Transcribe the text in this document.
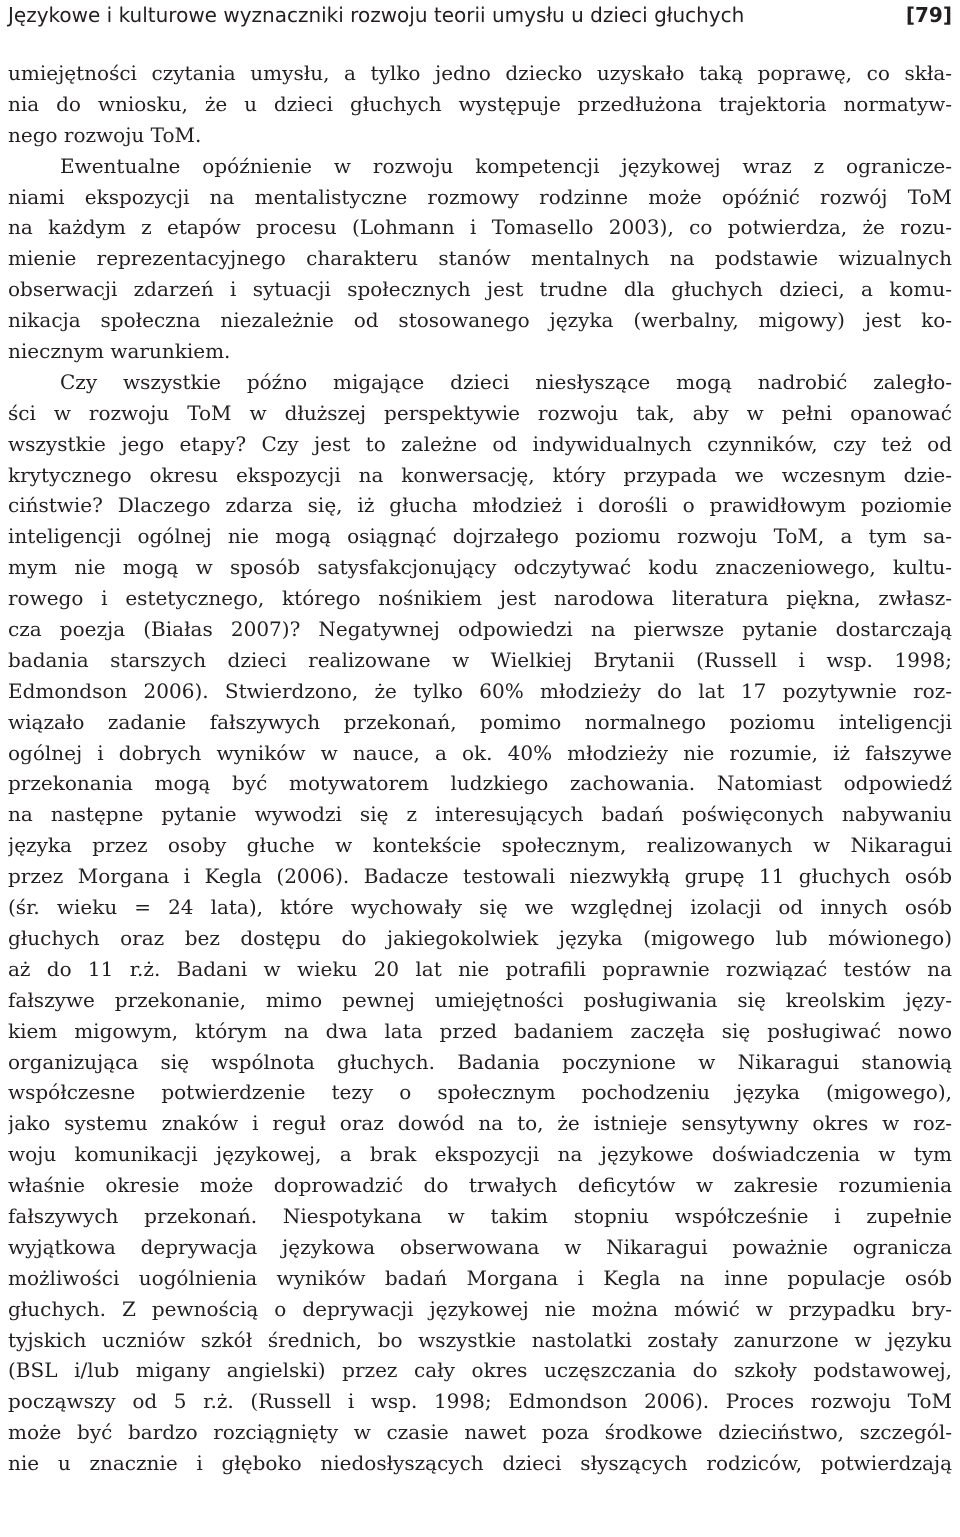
Językowe i kulturowe wyznaczniki rozwoju teorii umysłu u dzieci głuchych	[79]
umiejętności czytania umysłu, a tylko jedno dziecko uzyskało taką poprawę, co skła-
nia do wniosku, że u dzieci głuchych występuje przedłużona trajektoria normatyw-
nego rozwoju ToM.
Ewentualne opóźnienie w rozwoju kompetencji językowej wraz z ogranicze-
niami ekspozycji na mentalistyczne rozmowy rodzinne może opóźnić rozwój ToM
na każdym z etapów procesu (Lohmann i Tomasello 2003), co potwierdza, że rozu-
mienie reprezentacyjnego charakteru stanów mentalnych na podstawie wizualnych
obserwacji zdarzeń i sytuacji społecznych jest trudne dla głuchych dzieci, a komu-
nikacja społeczna niezależnie od stosowanego języka (werbalny, migowy) jest ko-
niecznym warunkiem.
Czy wszystkie późno migające dzieci niesłyszące mogą nadrobić zaległo-
ści w rozwoju ToM w dłuższej perspektywie rozwoju tak, aby w pełni opanować
wszystkie jego etapy? Czy jest to zależne od indywidualnych czynników, czy też od
krytycznego okresu ekspozycji na konwersację, który przypada we wczesnym dzie-
ciństwie? Dlaczego zdarza się, iż głucha młodzież i dorośli o prawidłowym poziomie
inteligencji ogólnej nie mogą osiągnąć dojrzałego poziomu rozwoju ToM, a tym sa-
mym nie mogą w sposób satysfakcjonujący odczytywać kodu znaczeniowego, kultu-
rowego i estetycznego, którego nośnikiem jest narodowa literatura piękna, zwłasz-
cza poezja (Białas 2007)? Negatywnej odpowiedzi na pierwsze pytanie dostarczają
badania starszych dzieci realizowane w Wielkiej Brytanii (Russell i wsp. 1998;
Edmondson 2006). Stwierdzono, że tylko 60% młodzieży do lat 17 pozytywnie roz-
wiązało zadanie fałszywych przekonań, pomimo normalnego poziomu inteligencji
ogólnej i dobrych wyników w nauce, a ok. 40% młodzieży nie rozumie, iż fałszywe
przekonania mogą być motywatorem ludzkiego zachowania. Natomiast odpowiedź
na następne pytanie wywodzi się z interesujących badań poświęconych nabywaniu
języka przez osoby głuche w kontekście społecznym, realizowanych w Nikaragui
przez Morgana i Kegla (2006). Badacze testowali niezwykłą grupę 11 głuchych osób
(śr. wieku = 24 lata), które wychowały się we względnej izolacji od innych osób
głuchych oraz bez dostępu do jakiegokolwiek języka (migowego lub mówionego)
aż do 11 r.ż. Badani w wieku 20 lat nie potrafili poprawnie rozwiązać testów na
fałszywe przekonanie, mimo pewnej umiejętności posługiwania się kreolskim języ-
kiem migowym, którym na dwa lata przed badaniem zaczęła się posługiwać nowo
organizująca się wspólnota głuchych. Badania poczynione w Nikaragui stanowią
współczesne potwierdzenie tezy o społecznym pochodzeniu języka (migowego),
jako systemu znaków i reguł oraz dowód na to, że istnieje sensytywny okres w roz-
woju komunikacji językowej, a brak ekspozycji na językowe doświadczenia w tym
właśnie okresie może doprowadzić do trwałych deficytów w zakresie rozumienia
fałszywych przekonań. Niespotykana w takim stopniu współcześnie i zupełnie
wyjątkowa deprywacja językowa obserwowana w Nikaragui poważnie ogranicza
możliwości uogólnienia wyników badań Morgana i Kegla na inne populacje osób
głuchych. Z pewnością o deprywacji językowej nie można mówić w przypadku bry-
tyjskich uczniów szkół średnich, bo wszystkie nastolatki zostały zanurzone w języku
(BSL i/lub migany angielski) przez cały okres uczęszczania do szkoły podstawowej,
począwszy od 5 r.ż. (Russell i wsp. 1998; Edmondson 2006). Proces rozwoju ToM
może być bardzo rozciągnięty w czasie nawet poza środkowe dzieciństwo, szczegól-
nie u znacznie i głęboko niedosłyszących dzieci słyszących rodziców, potwierdzają
